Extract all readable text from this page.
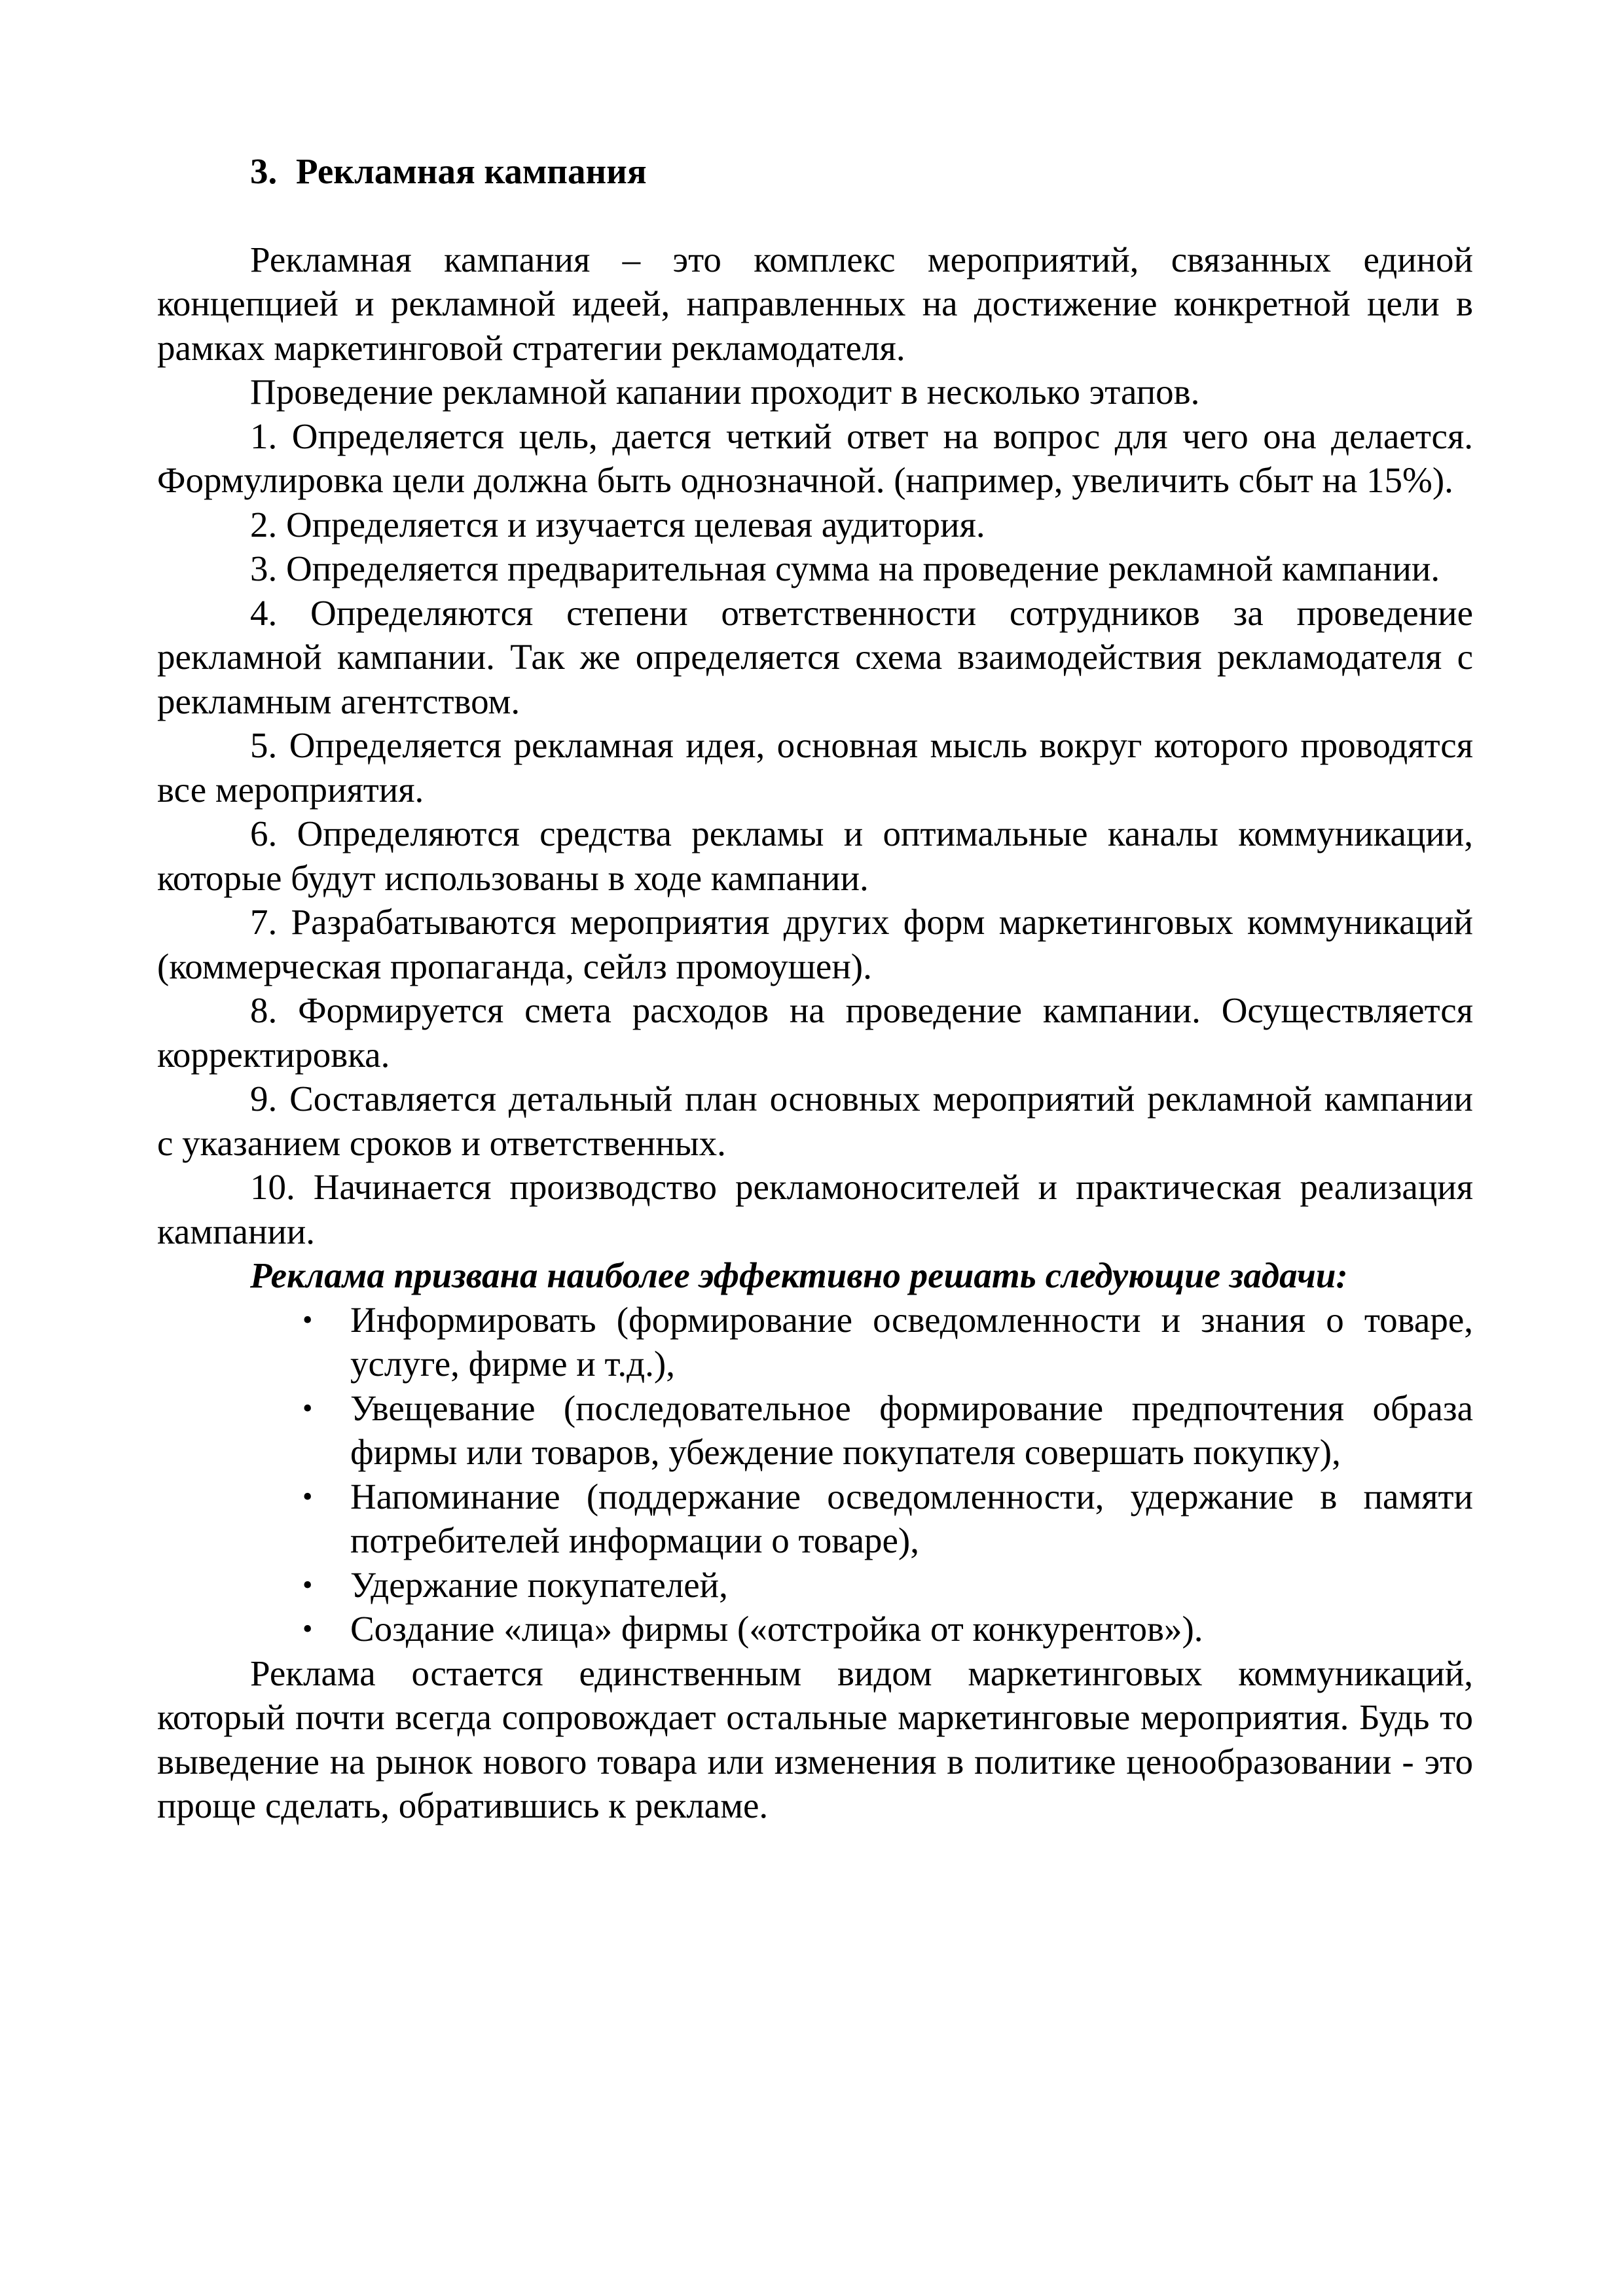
3. Рекламная кампания

Рекламная кампания – это комплекс мероприятий, связанных единой концепцией и рекламной идеей, направленных на достижение конкретной цели в рамках маркетинговой стратегии рекламодателя.

Проведение рекламной капании проходит в несколько этапов.

1. Определяется цель, дается четкий ответ на вопрос для чего она делается. Формулировка цели должна быть однозначной. (например, увеличить сбыт на 15%).

2. Определяется и изучается целевая аудитория.

3. Определяется предварительная сумма на проведение рекламной кампании.

4. Определяются степени ответственности сотрудников за проведение рекламной кампании. Так же определяется схема взаимодействия рекламодателя с рекламным агентством.

5. Определяется рекламная идея, основная мысль вокруг которого проводятся все мероприятия.

6. Определяются средства рекламы и оптимальные каналы коммуникации, которые будут использованы в ходе кампании.

7. Разрабатываются мероприятия других форм маркетинговых коммуникаций (коммерческая пропаганда, сейлз промоушен).

8. Формируется смета расходов на проведение кампании. Осуществляется корректировка.

9. Составляется детальный план основных мероприятий рекламной кампании с указанием сроков и ответственных.

10. Начинается производство рекламоносителей и практическая реализация кампании.

Реклама призвана наиболее эффективно решать следующие задачи:
•	Информировать (формирование осведомленности и знания о товаре, услуге, фирме и т.д.),
•	Увещевание (последовательное формирование предпочтения образа фирмы или товаров, убеждение покупателя совершать покупку),
•	Напоминание (поддержание осведомленности, удержание в памяти потребителей информации о товаре),
•	Удержание покупателей,
•	Создание «лица» фирмы («отстройка от конкурентов»).

Реклама остается единственным видом маркетинговых коммуникаций, который почти всегда сопровождает остальные маркетинговые мероприятия. Будь то выведение на рынок нового товара или изменения в политике ценообразовании - это проще сделать, обратившись к рекламе.
